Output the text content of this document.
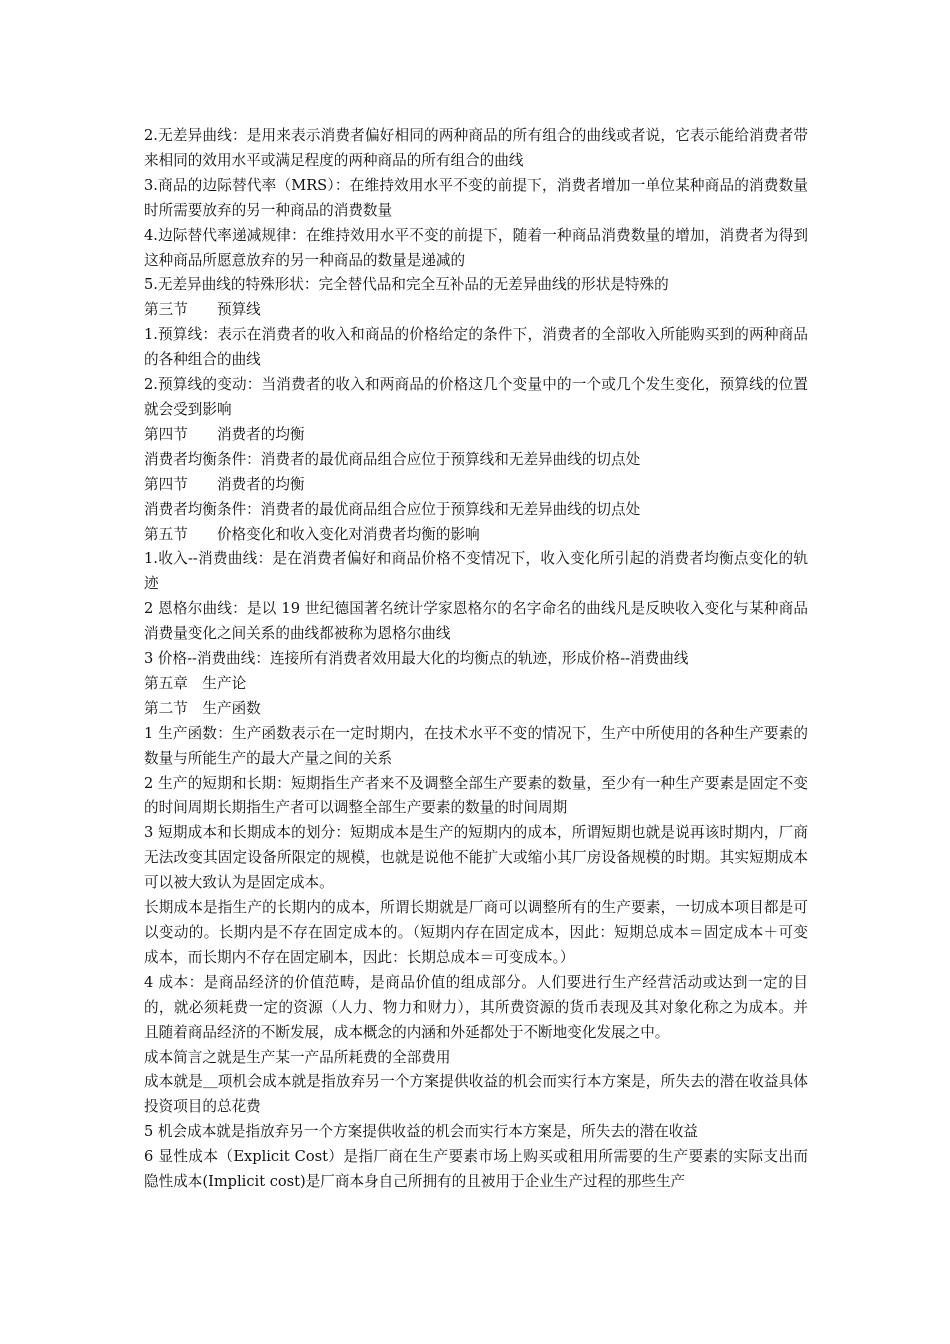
2.无差异曲线：是用来表示消费者偏好相同的两种商品的所有组合的曲线或者说，它表示能给消费者带来相同的效用水平或满足程度的两种商品的所有组合的曲线

3.商品的边际替代率（MRS）：在维持效用水平不变的前提下，消费者增加一单位某种商品的消费数量时所需要放弃的另一种商品的消费数量

4.边际替代率递减规律：在维持效用水平不变的前提下，随着一种商品消费数量的增加，消费者为得到这种商品所愿意放弃的另一种商品的数量是递减的

5.无差异曲线的特殊形状：完全替代品和完全互补品的无差异曲线的形状是特殊的

第三节　　预算线

1.预算线：表示在消费者的收入和商品的价格给定的条件下，消费者的全部收入所能购买到的两种商品的各种组合的曲线

2.预算线的变动：当消费者的收入和两商品的价格这几个变量中的一个或几个发生变化，预算线的位置就会受到影响

第四节　　消费者的均衡

消费者均衡条件：消费者的最优商品组合应位于预算线和无差异曲线的切点处

第四节　　消费者的均衡

消费者均衡条件：消费者的最优商品组合应位于预算线和无差异曲线的切点处

第五节　　价格变化和收入变化对消费者均衡的影响

1.收入--消费曲线：是在消费者偏好和商品价格不变情况下，收入变化所引起的消费者均衡点变化的轨迹

2 恩格尔曲线：是以 19 世纪德国著名统计学家恩格尔的名字命名的曲线凡是反映收入变化与某种商品消费量变化之间关系的曲线都被称为恩格尔曲线

3 价格--消费曲线：连接所有消费者效用最大化的均衡点的轨迹，形成价格--消费曲线

第五章　生产论

第二节　生产函数

1 生产函数：生产函数表示在一定时期内，在技术水平不变的情况下，生产中所使用的各种生产要素的数量与所能生产的最大产量之间的关系

2 生产的短期和长期：短期指生产者来不及调整全部生产要素的数量，至少有一种生产要素是固定不变的时间周期长期指生产者可以调整全部生产要素的数量的时间周期

3 短期成本和长期成本的划分：短期成本是生产的短期内的成本，所谓短期也就是说再该时期内，厂商无法改变其固定设备所限定的规模，也就是说他不能扩大或缩小其厂房设备规模的时期。其实短期成本可以被大致认为是固定成本。

长期成本是指生产的长期内的成本，所谓长期就是厂商可以调整所有的生产要素，一切成本项目都是可以变动的。长期内是不存在固定成本的。（短期内存在固定成本，因此：短期总成本＝固定成本＋可变成本，而长期内不存在固定刷本，因此：长期总成本＝可变成本。）

4 成本：是商品经济的价值范畴，是商品价值的组成部分。人们要进行生产经营活动或达到一定的目的，就必须耗费一定的资源（人力、物力和财力），其所费资源的货币表现及其对象化称之为成本。并且随着商品经济的不断发展，成本概念的内涵和外延都处于不断地变化发展之中。

成本简言之就是生产某一产品所耗费的全部费用

成本就是＿项机会成本就是指放弃另一个方案提供收益的机会而实行本方案是，所失去的潜在收益具体投资项目的总花费

5 机会成本就是指放弃另一个方案提供收益的机会而实行本方案是，所失去的潜在收益

6 显性成本（Explicit Cost）是指厂商在生产要素市场上购买或租用所需要的生产要素的实际支出而 隐性成本(Implicit cost)是厂商本身自己所拥有的且被用于企业生产过程的那些生产
